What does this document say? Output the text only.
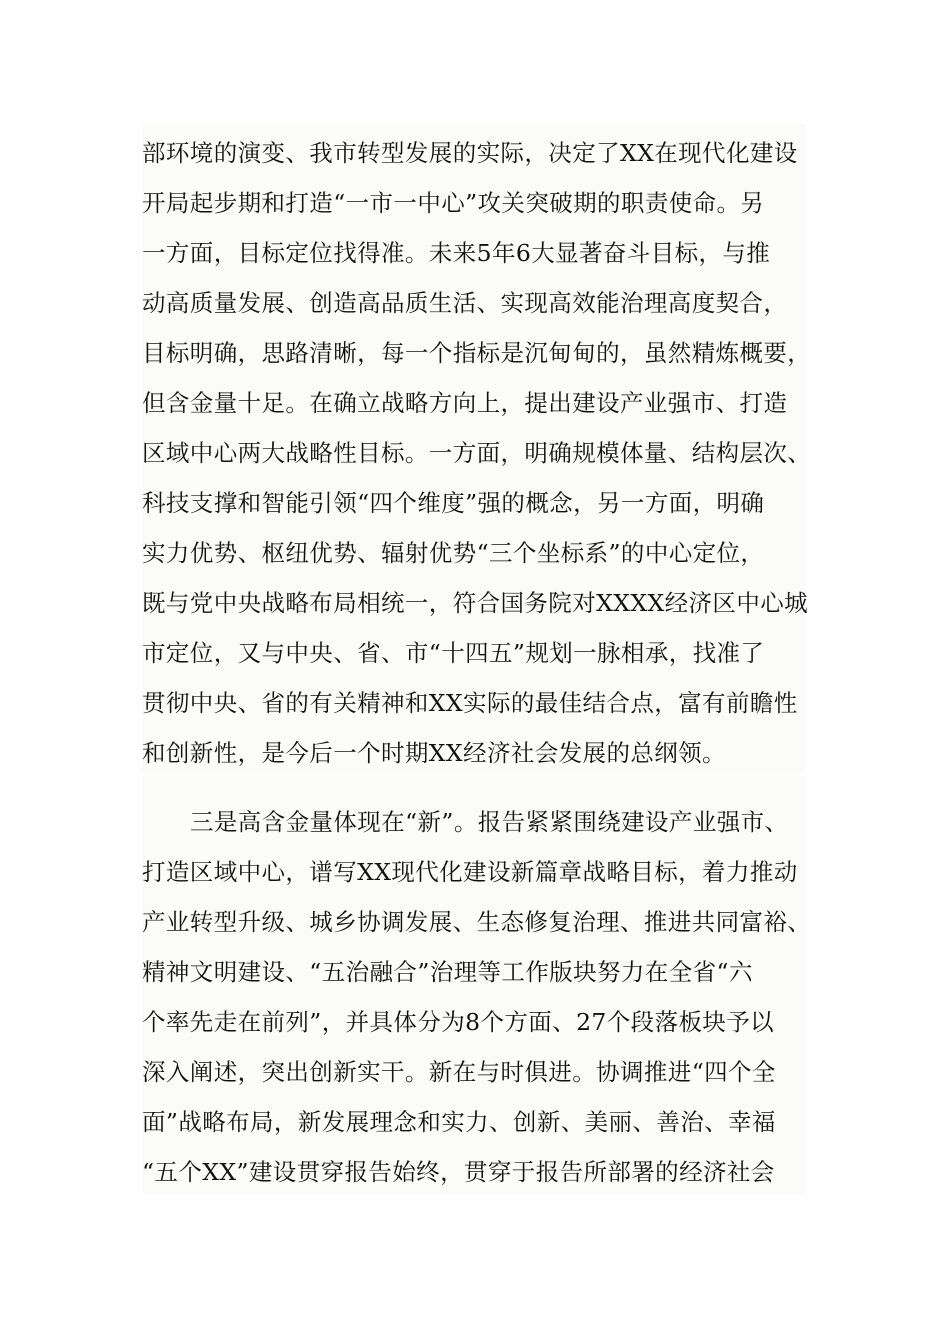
部环境的演变、我市转型发展的实际，决定了XX在现代化建设
开局起步期和打造“一市一中心”攻关突破期的职责使命。另
一方面，目标定位找得准。未来5年6大显著奋斗目标，与推
动高质量发展、创造高品质生活、实现高效能治理高度契合，
目标明确，思路清晰，每一个指标是沉甸甸的，虽然精炼概要，
但含金量十足。在确立战略方向上，提出建设产业强市、打造
区域中心两大战略性目标。一方面，明确规模体量、结构层次、
科技支撑和智能引领“四个维度”强的概念，另一方面，明确
实力优势、枢纽优势、辐射优势“三个坐标系”的中心定位，
既与党中央战略布局相统一，符合国务院对XXXX经济区中心城
市定位，又与中央、省、市“十四五”规划一脉相承，找准了
贯彻中央、省的有关精神和XX实际的最佳结合点，富有前瞻性
和创新性，是今后一个时期XX经济社会发展的总纲领。
三是高含金量体现在“新”。报告紧紧围绕建设产业强市、
打造区域中心，谱写XX现代化建设新篇章战略目标，着力推动
产业转型升级、城乡协调发展、生态修复治理、推进共同富裕、
精神文明建设、“五治融合”治理等工作版块努力在全省“六
个率先走在前列”，并具体分为8个方面、27个段落板块予以
深入阐述，突出创新实干。新在与时俱进。协调推进“四个全
面”战略布局，新发展理念和实力、创新、美丽、善治、幸福
“五个XX”建设贯穿报告始终，贯穿于报告所部署的经济社会
